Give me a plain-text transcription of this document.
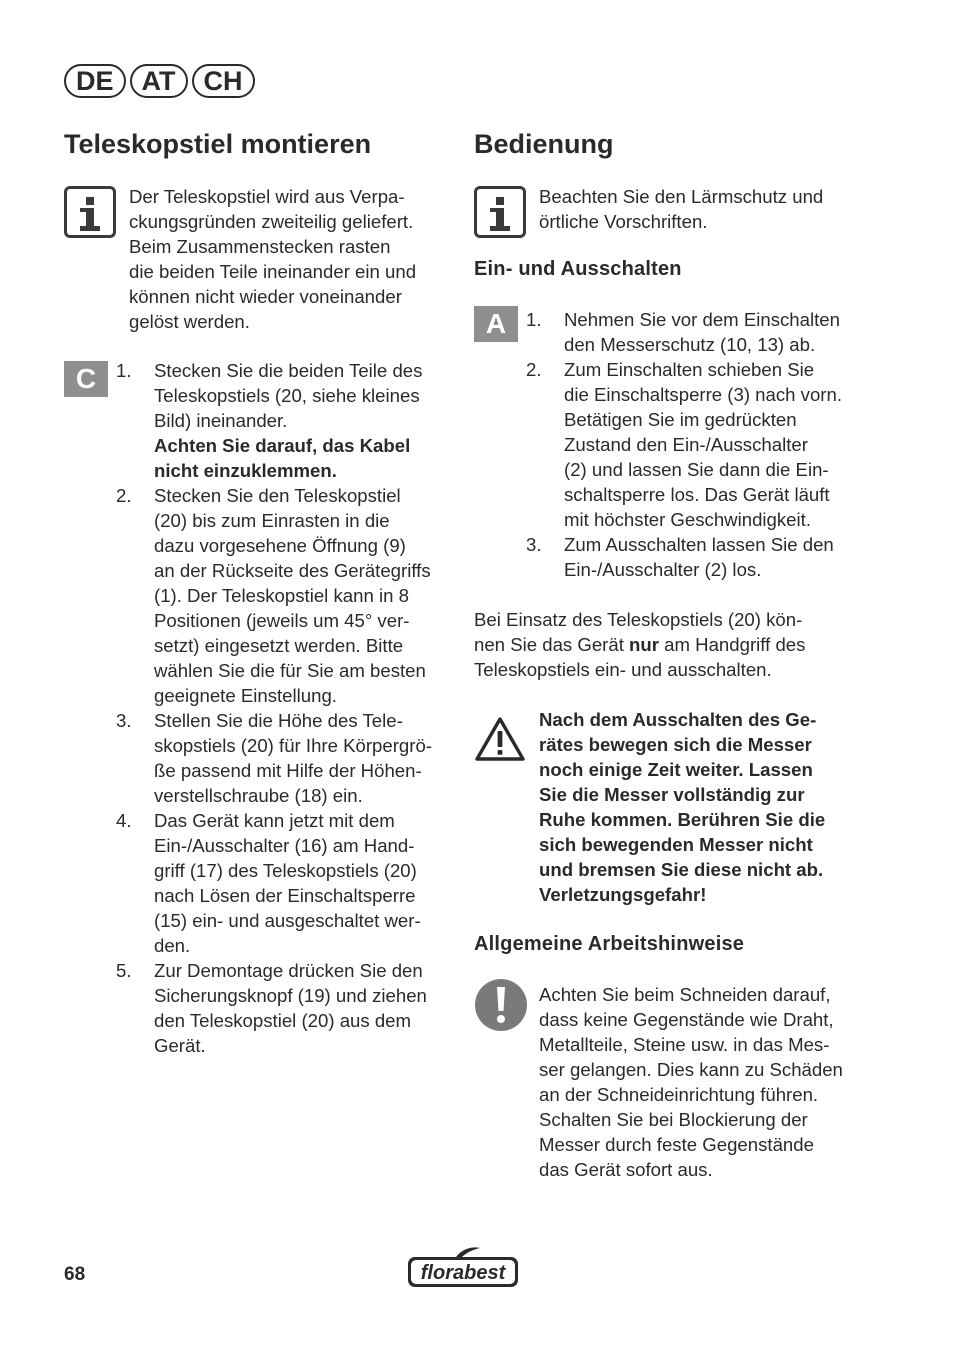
DE	AT	CH
Teleskopstiel montieren
Der Teleskopstiel wird aus Verpa-
ckungsgründen zweiteilig geliefert.
Beim Zusammenstecken rasten
die beiden Teile ineinander ein und
können nicht wieder voneinander
gelöst werden.
C	1. Stecken Sie die beiden Teile des
Teleskopstiels (20, siehe kleines
Bild) ineinander.
Achten Sie darauf, das Kabel
nicht einzuklemmen.
2. Stecken Sie den Teleskopstiel
(20) bis zum Einrasten in die
dazu vorgesehene Öffnung (9)
an der Rückseite des Gerätegriffs
(1). Der Teleskopstiel kann in 8
Positionen (jeweils um 45° ver-
setzt) eingesetzt werden. Bitte
wählen Sie die für Sie am besten
geeignete Einstellung.
3. Stellen Sie die Höhe des Tele-
skopstiels (20) für Ihre Körpergrö-
ße passend mit Hilfe der Höhen-
verstellschraube (18) ein.
4. Das Gerät kann jetzt mit dem
Ein-/Ausschalter (16) am Hand-
griff (17) des Teleskopstiels (20)
nach Lösen der Einschaltsperre
(15) ein- und ausgeschaltet wer-
den.
5. Zur Demontage drücken Sie den
Sicherungsknopf (19) und ziehen
den Teleskopstiel (20) aus dem
Gerät.
Bedienung
Beachten Sie den Lärmschutz und
örtliche Vorschriften.
Ein- und Ausschalten
A	1. Nehmen Sie vor dem Einschalten
den Messerschutz (10, 13) ab.
2. Zum Einschalten schieben Sie
die Einschaltsperre (3) nach vorn.
Betätigen Sie im gedrückten
Zustand den Ein-/Ausschalter
(2) und lassen Sie dann die Ein-
schaltsperre los. Das Gerät läuft
mit höchster Geschwindigkeit.
3. Zum Ausschalten lassen Sie den
Ein-/Ausschalter (2) los.
Bei Einsatz des Teleskopstiels (20) kön-
nen Sie das Gerät nur am Handgriff des
Teleskopstiels ein- und ausschalten.
Nach dem Ausschalten des Ge-
rätes bewegen sich die Messer
noch einige Zeit weiter. Lassen
Sie die Messer vollständig zur
Ruhe kommen. Berühren Sie die
sich bewegenden Messer nicht
und bremsen Sie diese nicht ab.
Verletzungsgefahr!
Allgemeine Arbeitshinweise
Achten Sie beim Schneiden darauf,
dass keine Gegenstände wie Draht,
Metallteile, Steine usw. in das Mes-
ser gelangen. Dies kann zu Schäden
an der Schneideinrichtung führen.
Schalten Sie bei Blockierung der
Messer durch feste Gegenstände
das Gerät sofort aus.
68	florabest
